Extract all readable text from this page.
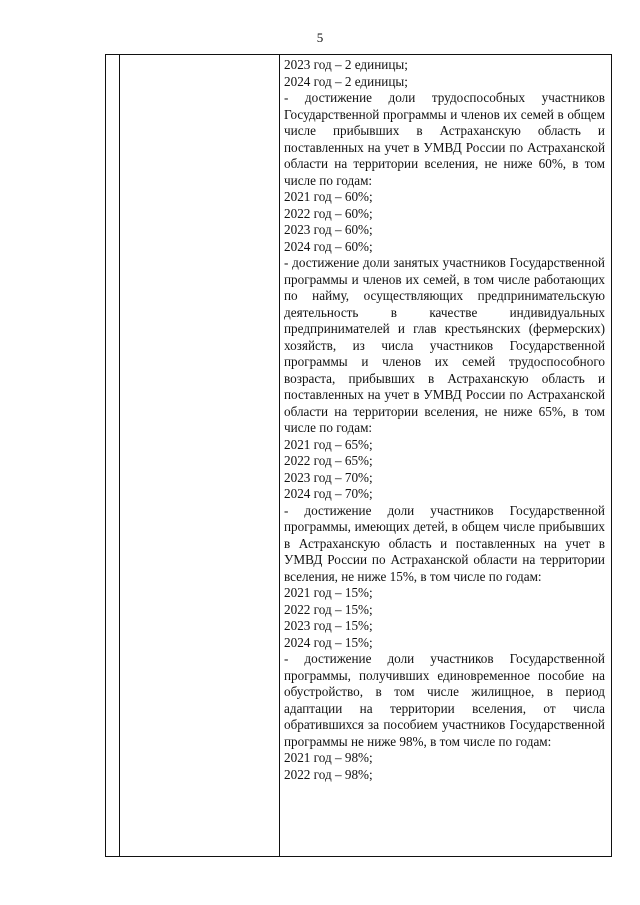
5

2023 год – 2 единицы;

2024 год – 2 единицы;

- достижение доли трудоспособных участников Государственной программы и членов их семей в общем числе прибывших в Астраханскую область и поставленных на учет в УМВД России по Астраханской области на территории вселения, не ниже 60%, в том числе по годам:

2021 год – 60%;

2022 год – 60%;

2023 год – 60%;

2024 год – 60%;

- достижение доли занятых участников Государственной программы и членов их семей, в том числе работающих по найму, осуществляющих предпринимательскую деятельность в качестве индивидуальных предпринимателей и глав крестьянских (фермерских) хозяйств, из числа участников Государственной программы и членов их семей трудоспособного возраста, прибывших в Астраханскую область и поставленных на учет в УМВД России по Астраханской области на территории вселения, не ниже 65%, в том числе по годам:

2021 год – 65%;

2022 год – 65%;

2023 год – 70%;

2024 год – 70%;

- достижение доли участников Государственной программы, имеющих детей, в общем числе прибывших в Астраханскую область и поставленных на учет в УМВД России по Астраханской области на территории вселения, не ниже 15%, в том числе по годам:

2021 год – 15%;

2022 год – 15%;

2023 год – 15%;

2024 год – 15%;

- достижение доли участников Государственной программы, получивших единовременное пособие на обустройство, в том числе жилищное, в период адаптации на территории вселения, от числа обратившихся за пособием участников Государственной программы не ниже 98%, в том числе по годам:

2021 год – 98%;

2022 год – 98%;
